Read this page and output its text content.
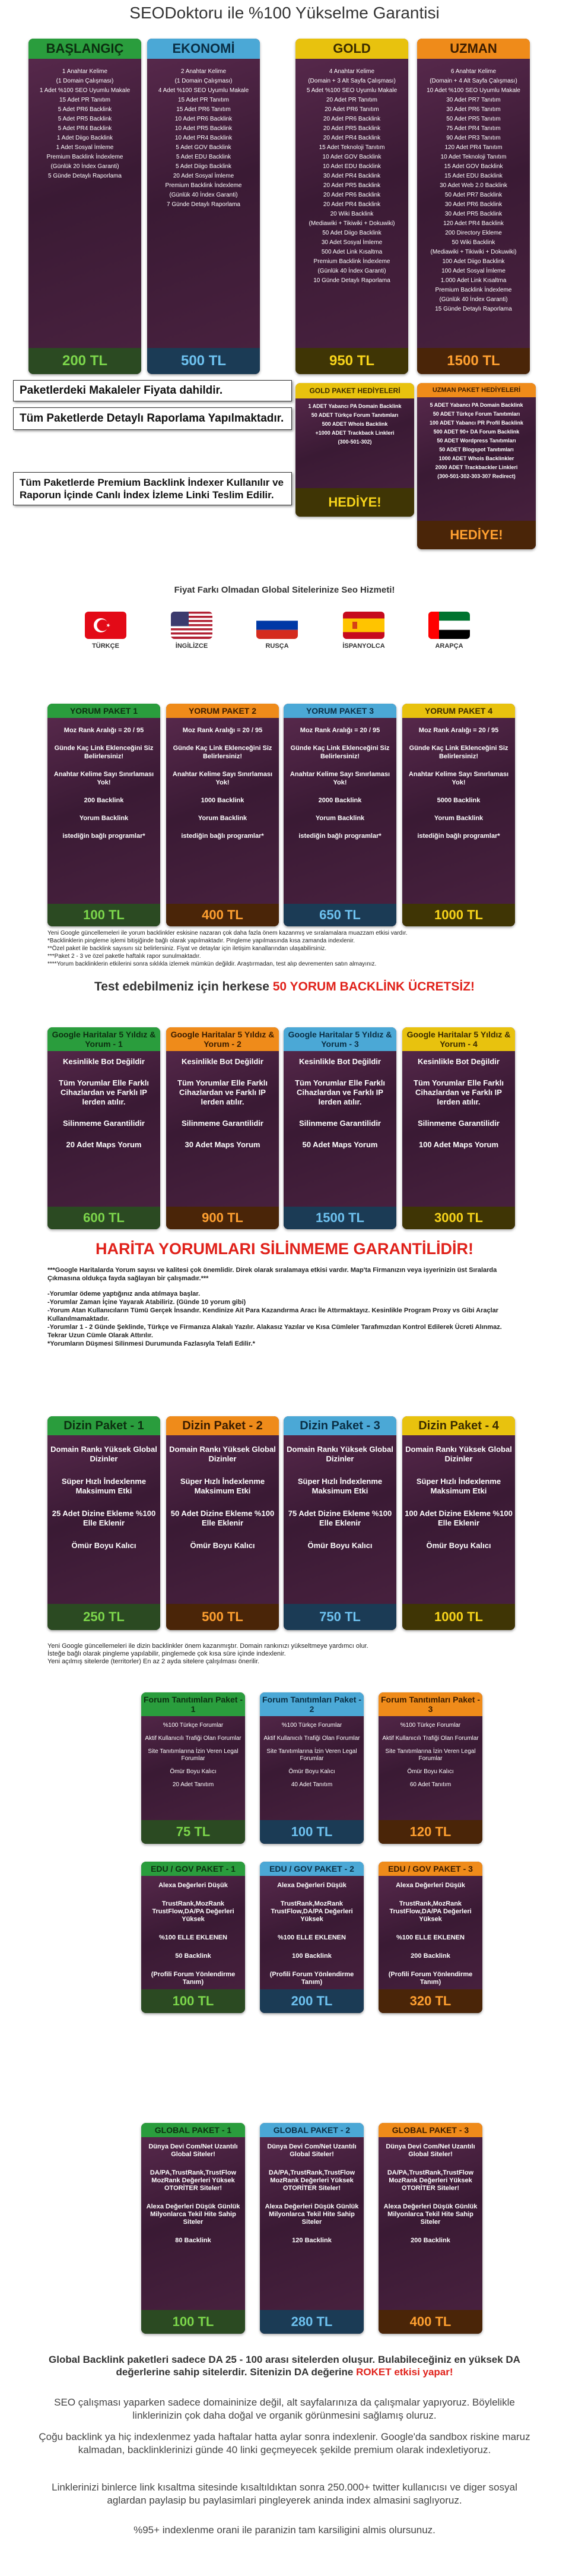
SEODoktoru ile %100 Yükselme Garantisi
BAŞLANGIÇ
1 Anahtar Kelime
(1 Domain Çalışması)
1 Adet %100 SEO Uyumlu Makale
15 Adet PR Tanıtım
5 Adet PR6 Backlink
5 Adet PR5 Backlink
5 Adet PR4 Backlink
1 Adet Diigo Backlink
1 Adet Sosyal İmleme
Premium Backlink İndexleme
(Günlük 20 İndex Garanti)
5 Günde Detaylı Raporlama
200 TL
EKONOMİ
2 Anahtar Kelime
(1 Domain Çalışması)
4 Adet %100 SEO Uyumlu Makale
15 Adet PR Tanıtım
15 Adet PR6 Tanıtım
10 Adet PR6 Backlink
10 Adet PR5 Backlink
10 Adet PR4 Backlink
5 Adet GOV Backlink
5 Adet EDU Backlink
5 Adet Diigo Backlink
20 Adet Sosyal İmleme
Premium Backlink İndexleme
(Günlük 40 İndex Garanti)
7 Günde Detaylı Raporlama
500 TL
GOLD
4 Anahtar Kelime
(Domain + 3 Alt Sayfa Çalışması)
5 Adet %100 SEO Uyumlu Makale
20 Adet PR Tanıtım
20 Adet PR6 Tanıtım
20 Adet PR6 Backlink
20 Adet PR5 Backlink
20 Adet PR4 Backlink
15 Adet Teknoloji Tanıtım
10 Adet GOV Backlink
10 Adet EDU Backlink
30 Adet PR4 Backlink
20 Adet PR5 Backlink
20 Adet PR6 Backlink
20 Adet PR4 Backlink
20 Wiki Backlink
(Mediawiki + Tikiwiki + Dokuwiki)
50 Adet Diigo Backlink
30 Adet Sosyal İmleme
500 Adet Link Kısaltma
Premium Backlink İndexleme
(Günlük 40 İndex Garanti)
10 Günde Detaylı Raporlama
950 TL
UZMAN
6 Anahtar Kelime
(Domain + 4 Alt Sayfa Çalışması)
10 Adet %100 SEO Uyumlu Makale
30 Adet PR7 Tanıtım
30 Adet PR6 Tanıtım
50 Adet PR5 Tanıtım
75 Adet PR4 Tanıtım
90 Adet PR3 Tanıtım
120 Adet PR4 Tanıtım
10 Adet Teknoloji Tanıtım
15 Adet GOV Backlink
15 Adet EDU Backlink
30 Adet Web 2.0 Backlink
50 Adet PR7 Backlink
30 Adet PR6 Backlink
30 Adet PR5 Backlink
120 Adet PR4 Backlink
200 Directory Ekleme
50 Wiki Backlink
(Mediawiki + Tikiwiki + Dokuwiki)
100 Adet Diigo Backlink
100 Adet Sosyal İmleme
1.000 Adet Link Kısaltma
Premium Backlink İndexleme
(Günlük 40 İndex Garanti)
15 Günde Detaylı Raporlama
1500 TL
Paketlerdeki Makaleler Fiyata dahildir.
Tüm Paketlerde Detaylı Raporlama Yapılmaktadır.
Tüm Paketlerde Premium Backlink İndexer Kullanılır ve Raporun İçinde Canlı İndex İzleme Linki Teslim Edilir.
GOLD PAKET HEDİYELERİ
1 ADET Yabancı PA Domain Backlink
50 ADET Türkçe Forum Tanıtımları
500 ADET Whois Backlink
+1000 ADET Trackback Linkleri
(300-501-302)
HEDİYE!
UZMAN PAKET HEDİYELERİ
5 ADET Yabancı PA Domain Backlink
50 ADET Türkçe Forum Tanıtımları
100 ADET Yabancı PR Profil Backlink
500 ADET 90+ DA Forum Backlink
50 ADET Wordpress Tanıtımları
50 ADET Blogspot Tanıtımları
1000 ADET Whois Backlinkler
2000 ADET Trackbackler Linkleri
(300-501-302-303-307 Redirect)
HEDİYE!
Fiyat Farkı Olmadan Global Sitelerinize Seo Hizmeti!
TÜRKÇE	İNGİLİZCE	RUSÇA	İSPANYOLCA	ARAPÇA
YORUM PAKET 1
Moz Rank Aralığı = 20 / 95
Günde Kaç Link Eklenceğini Siz Belirlersiniz!
Anahtar Kelime Sayı Sınırlaması Yok!
200 Backlink
Yorum Backlink
istediğin bağlı programlar*
100 TL
YORUM PAKET 2
Moz Rank Aralığı = 20 / 95
Günde Kaç Link Eklenceğini Siz Belirlersiniz!
Anahtar Kelime Sayı Sınırlaması Yok!
1000 Backlink
Yorum Backlink
istediğin bağlı programlar*
400 TL
YORUM PAKET 3
Moz Rank Aralığı = 20 / 95
Günde Kaç Link Eklenceğini Siz Belirlersiniz!
Anahtar Kelime Sayı Sınırlaması Yok!
2000 Backlink
Yorum Backlink
istediğin bağlı programlar*
650 TL
YORUM PAKET 4
Moz Rank Aralığı = 20 / 95
Günde Kaç Link Eklenceğini Siz Belirlersiniz!
Anahtar Kelime Sayı Sınırlaması Yok!
5000 Backlink
Yorum Backlink
istediğin bağlı programlar*
1000 TL
Yeni Google güncellemeleri ile yorum backlinkler eskisine nazaran çok daha fazla önem kazanmış ve sıralamalara muazzam etkisi vardır.
*Backlinklerin pingleme işlemi bitişiğinde bağlı olarak yapılmaktadır. Pingleme yapılmasında kısa zamanda indexlenir.
**Özel paket ile backlink sayısını siz belirlersiniz. Fiyat ve detaylar için iletişim kanallarından ulaşabilirsiniz.
***Paket 2 - 3 ve özel paketle haftalık rapor sunulmaktadır.
****Yorum backlinklerin etkilerini sonra sıklıkla izlemek mümkün değildir. Araştırmadan, test alıp devrementen satın almayınız.
Test edebilmeniz için herkese 50 YORUM BACKLİNK ÜCRETSİZ!
Google Haritalar 5 Yıldız & Yorum - 1
Kesinlikle Bot Değildir
Tüm Yorumlar Elle Farklı Cihazlardan ve Farklı IP lerden atılır.
Silinmeme Garantilidir
20 Adet Maps Yorum
600 TL
Google Haritalar 5 Yıldız & Yorum - 2
Kesinlikle Bot Değildir
Tüm Yorumlar Elle Farklı Cihazlardan ve Farklı IP lerden atılır.
Silinmeme Garantilidir
30 Adet Maps Yorum
900 TL
Google Haritalar 5 Yıldız & Yorum - 3
Kesinlikle Bot Değildir
Tüm Yorumlar Elle Farklı Cihazlardan ve Farklı IP lerden atılır.
Silinmeme Garantilidir
50 Adet Maps Yorum
1500 TL
Google Haritalar 5 Yıldız & Yorum - 4
Kesinlikle Bot Değildir
Tüm Yorumlar Elle Farklı Cihazlardan ve Farklı IP lerden atılır.
Silinmeme Garantilidir
100 Adet Maps Yorum
3000 TL
HARİTA YORUMLARI SİLİNMEME GARANTİLİDİR!
***Google Haritalarda Yorum sayısı ve kalitesi çok önemlidir. Direk olarak sıralamaya etkisi vardır. Map'ta Firmanızın veya işyerinizin üst Sıralarda Çıkmasına oldukça fayda sağlayan bir çalışmadır.***
-Yorumlar ödeme yaptığınız anda atılmaya başlar.
-Yorumlar Zaman İçine Yayarak Atabiliriz. (Günde 10 yorum gibi)
-Yorum Atan Kullanıcıların Tümü Gerçek İnsandır. Kendinize Ait Para Kazandırma Aracı İle Attırmaktayız. Kesinlikle Program Proxy vs Gibi Araçlar Kullanılmamaktadır.
-Yorumlar 1 - 2 Günde Şeklinde, Türkçe ve Firmanıza Alakalı Yazılır. Alakasız Yazılar ve Kısa Cümleler Tarafımızdan Kontrol Edilerek Ücreti Alınmaz. Tekrar Uzun Cümle Olarak Attırılır.
*Yorumların Düşmesi Silinmesi Durumunda Fazlasıyla Telafi Edilir.*
Dizin Paket - 1
Domain Rankı Yüksek Global Dizinler
Süper Hızlı İndexlenme Maksimum Etki
25 Adet Dizine Ekleme %100 Elle Eklenir
Ömür Boyu Kalıcı
250 TL
Dizin Paket - 2
Domain Rankı Yüksek Global Dizinler
Süper Hızlı İndexlenme Maksimum Etki
50 Adet Dizine Ekleme %100 Elle Eklenir
Ömür Boyu Kalıcı
500 TL
Dizin Paket - 3
Domain Rankı Yüksek Global Dizinler
Süper Hızlı İndexlenme Maksimum Etki
75 Adet Dizine Ekleme %100 Elle Eklenir
Ömür Boyu Kalıcı
750 TL
Dizin Paket - 4
Domain Rankı Yüksek Global Dizinler
Süper Hızlı İndexlenme Maksimum Etki
100 Adet Dizine Ekleme %100 Elle Eklenir
Ömür Boyu Kalıcı
1000 TL
Yeni Google güncellemeleri ile dizin backlinkler önem kazanmıştır. Domain rankınızı yükseltmeye yardımcı olur.
İsteğe bağlı olarak pingleme yapılabilir, pinglemede çok kısa süre içinde indexlenir.
Yeni açılmış sitelerde (territorler) En az 2 ayda sitelere çalışılması önerilir.
Forum Tanıtımları Paket - 1
%100 Türkçe Forumlar
Aktif Kullanıcılı Trafiği Olan Forumlar
Site Tanıtımlarına İzin Veren Legal Forumlar
Ömür Boyu Kalıcı
20 Adet Tanıtım
75 TL
Forum Tanıtımları Paket - 2
%100 Türkçe Forumlar
Aktif Kullanıcılı Trafiği Olan Forumlar
Site Tanıtımlarına İzin Veren Legal Forumlar
Ömür Boyu Kalıcı
40 Adet Tanıtım
100 TL
Forum Tanıtımları Paket - 3
%100 Türkçe Forumlar
Aktif Kullanıcılı Trafiği Olan Forumlar
Site Tanıtımlarına İzin Veren Legal Forumlar
Ömür Boyu Kalıcı
60 Adet Tanıtım
120 TL
EDU / GOV PAKET - 1
Alexa Değerleri Düşük
TrustRank,MozRank TrustFlow,DA/PA Değerleri Yüksek
%100 ELLE EKLENEN
50 Backlink
(Profili Forum Yönlendirme Tanım)
100 TL
EDU / GOV PAKET - 2
Alexa Değerleri Düşük
TrustRank,MozRank TrustFlow,DA/PA Değerleri Yüksek
%100 ELLE EKLENEN
100 Backlink
(Profili Forum Yönlendirme Tanım)
200 TL
EDU / GOV PAKET - 3
Alexa Değerleri Düşük
TrustRank,MozRank TrustFlow,DA/PA Değerleri Yüksek
%100 ELLE EKLENEN
200 Backlink
(Profili Forum Yönlendirme Tanım)
320 TL
GLOBAL PAKET - 1
Dünya Devi Com/Net Uzantılı Global Siteler!
DA/PA,TrustRank,TrustFlow MozRank Değerleri Yüksek OTORİTER Siteler!
Alexa Değerleri Düşük Günlük Milyonlarca Tekil Hite Sahip Siteler
80 Backlink
100 TL
GLOBAL PAKET - 2
Dünya Devi Com/Net Uzantılı Global Siteler!
DA/PA,TrustRank,TrustFlow MozRank Değerleri Yüksek OTORİTER Siteler!
Alexa Değerleri Düşük Günlük Milyonlarca Tekil Hite Sahip Siteler
120 Backlink
280 TL
GLOBAL PAKET - 3
Dünya Devi Com/Net Uzantılı Global Siteler!
DA/PA,TrustRank,TrustFlow MozRank Değerleri Yüksek OTORİTER Siteler!
Alexa Değerleri Düşük Günlük Milyonlarca Tekil Hite Sahip Siteler
200 Backlink
400 TL
Global Backlink paketleri sadece DA 25 - 100 arası sitelerden oluşur. Bulabileceğiniz en yüksek DA değerlerine sahip sitelerdir. Sitenizin DA değerine ROKET etkisi yapar!
SEO çalışması yaparken sadece domaininize değil, alt sayfalarınıza da çalışmalar yapıyoruz. Böylelikle linklerinizin çok daha doğal ve organik görünmesini sağlamış oluruz.
Çoğu backlink ya hiç indexlenmez yada haftalar hatta aylar sonra indexlenir. Google'da sandbox riskine maruz kalmadan, backlinklerinizi günde 40 linki geçmeyecek şekilde premium olarak indexletiyoruz.
Linklerinizi binlerce link kısaltma sitesinde kısaltıldıktan sonra 250.000+ twitter kullanıcısı ve diger sosyal aglardan paylasip bu paylasimlari pingleyerek aninda index almasini saglıyoruz.
%95+ indexlenme orani ile paranizin tam karsiligini almis olursunuz.
